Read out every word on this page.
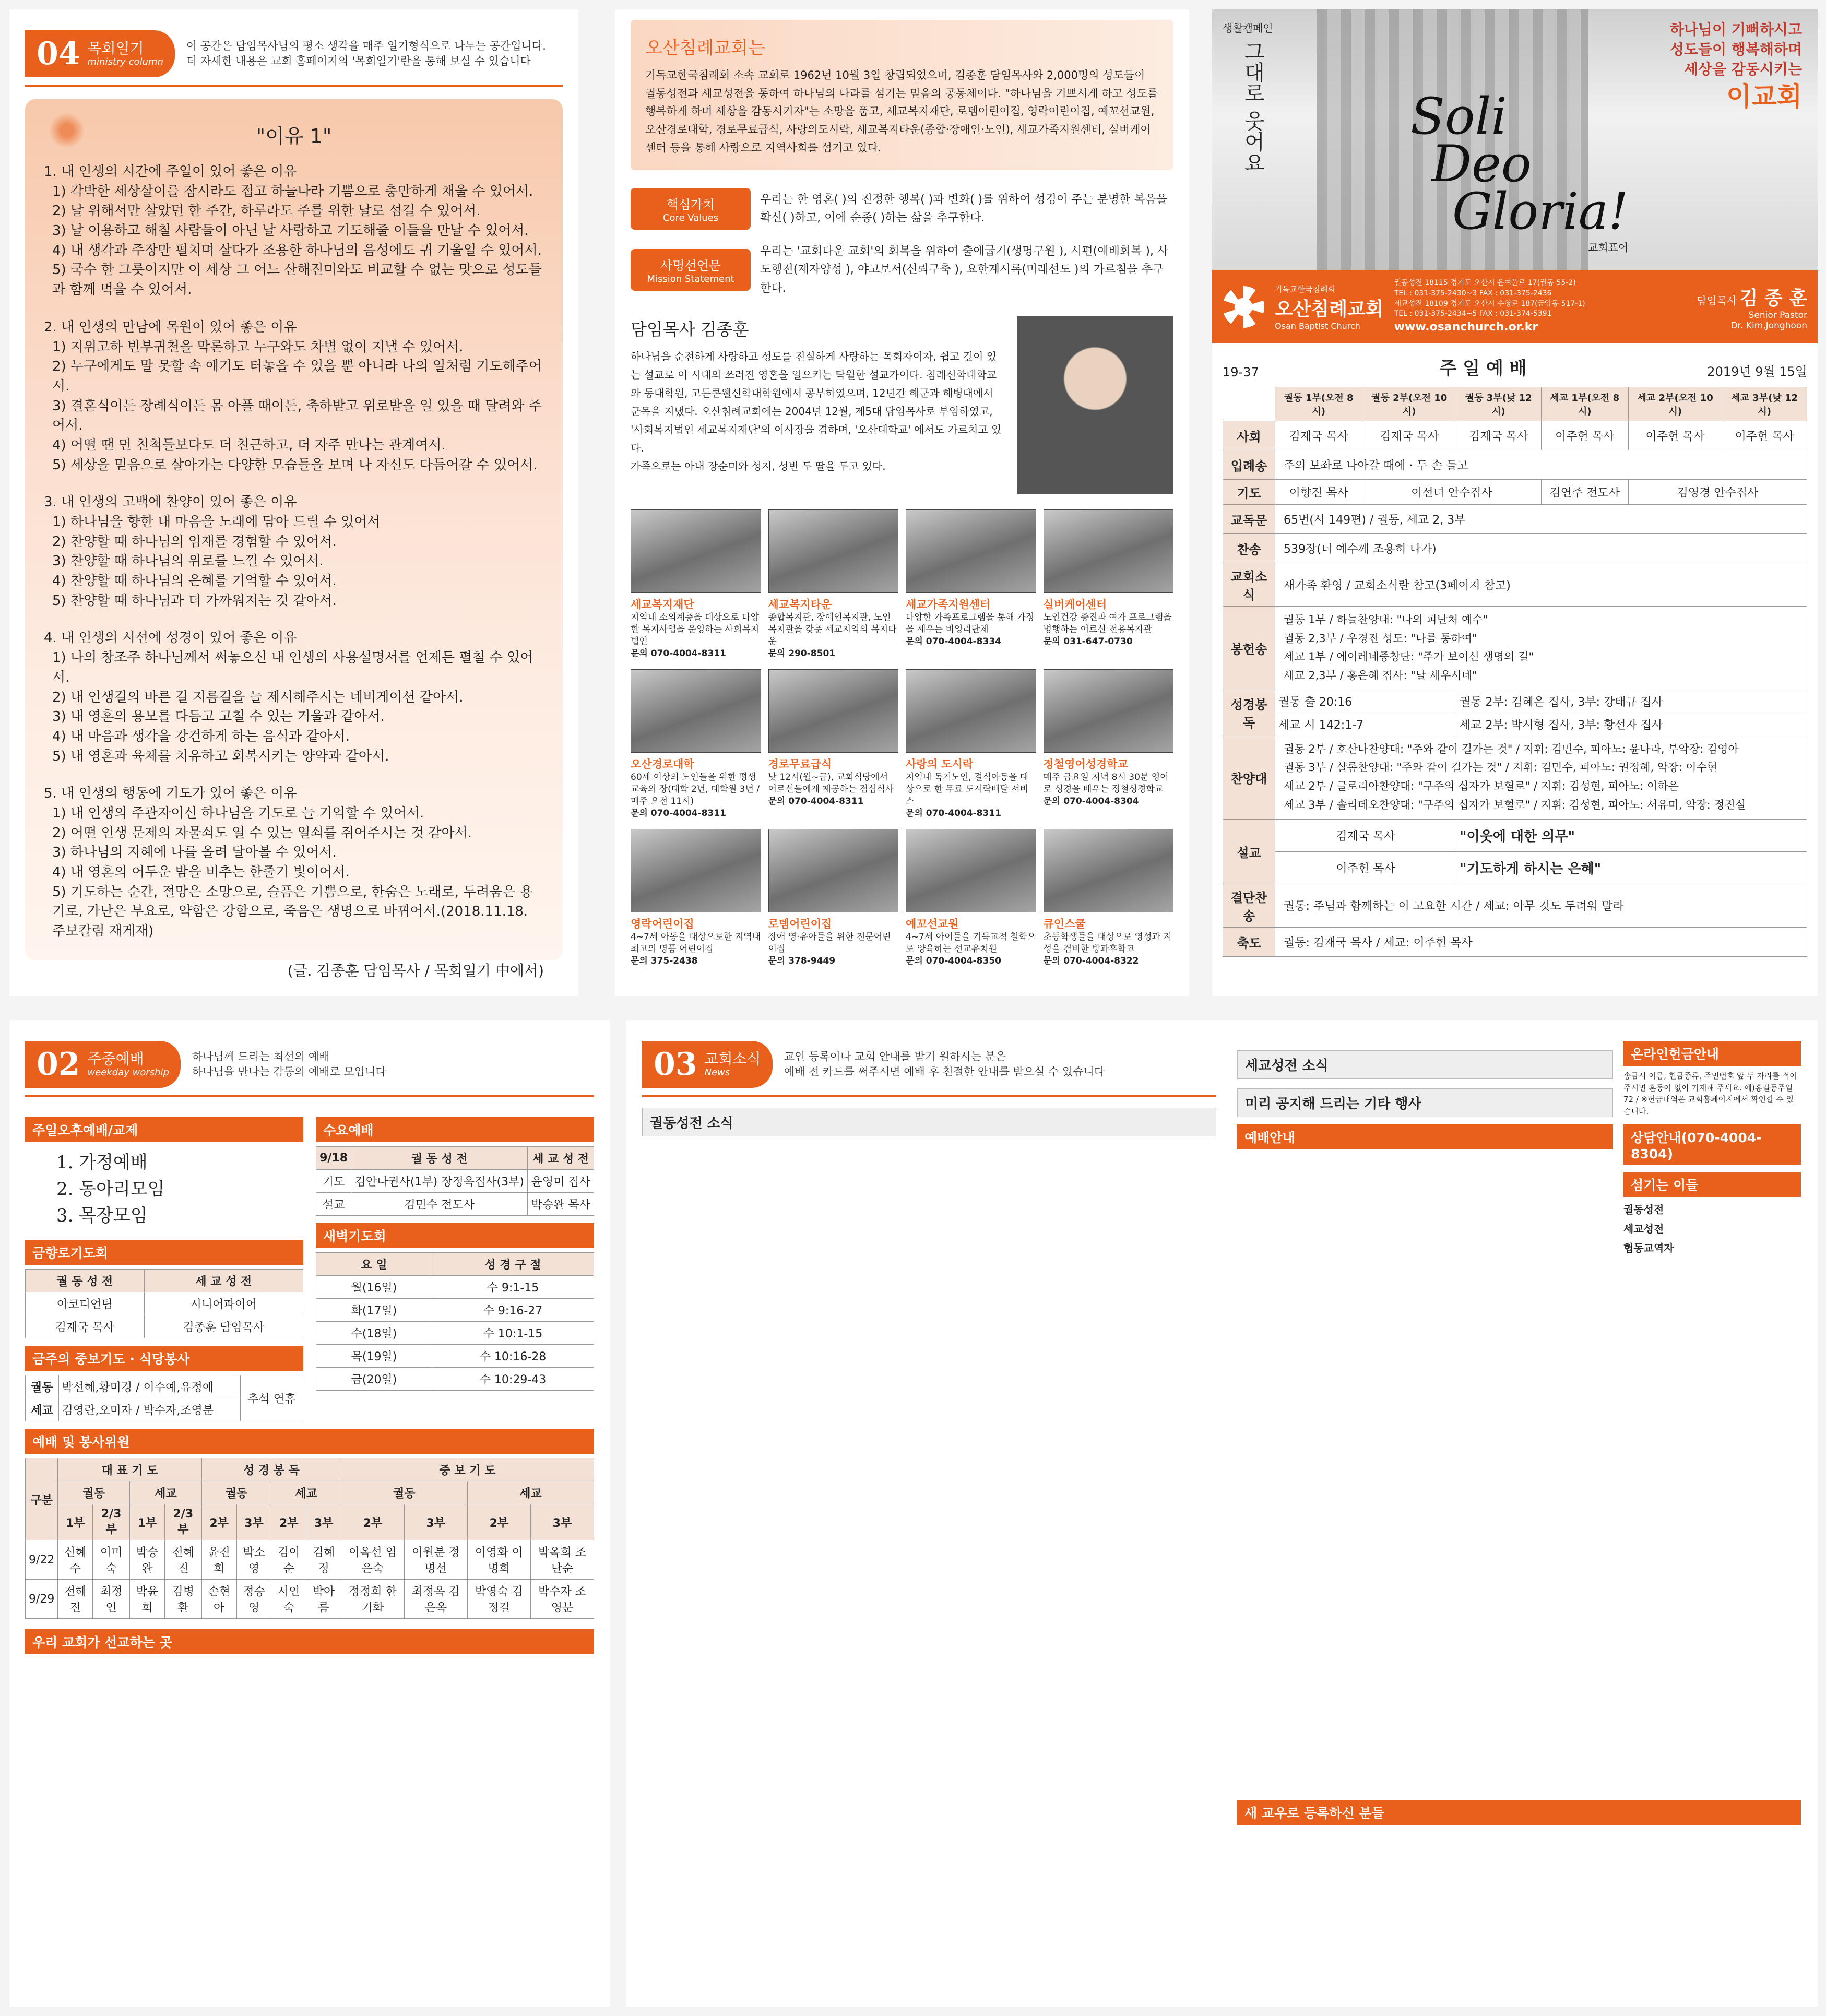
04 목회일기
ministry column
이 공간은 담임목사님의 평소 생각을 매주 일기형식으로 나누는 공간입니다.
더 자세한 내용은 교회 홈페이지의 '목회일기'란을 통해 보실 수 있습니다
"이유 1"
1. 내 인생의 시간에 주일이 있어 좋은 이유
1) 각박한 세상살이를 잠시라도 접고 하늘나라 기쁨으로 충만하게 채울 수 있어서.
2) 날 위해서만 살았던 한 주간, 하루라도 주를 위한 날로 섬길 수 있어서.
3) 날 이용하고 해칠 사람들이 아닌 날 사랑하고 기도해줄 이들을 만날 수 있어서.
4) 내 생각과 주장만 펼치며 살다가 조용한 하나님의 음성에도 귀 기울일 수 있어서.
5) 국수 한 그릇이지만 이 세상 그 어느 산해진미와도 비교할 수 없는 맛으로 성도들과 함께 먹을 수 있어서.
2. 내 인생의 만남에 목원이 있어 좋은 이유
1) 지위고하 빈부귀천을 막론하고 누구와도 차별 없이 지낼 수 있어서.
2) 누구에게도 말 못할 속 얘기도 터놓을 수 있을 뿐 아니라 나의 일처럼 기도해주어서.
3) 결혼식이든 장례식이든 몸 아플 때이든, 축하받고 위로받을 일 있을 때 달려와 주어서.
4) 어떨 땐 먼 친척들보다도 더 친근하고, 더 자주 만나는 관계여서.
5) 세상을 믿음으로 살아가는 다양한 모습들을 보며 나 자신도 다듬어갈 수 있어서.
3. 내 인생의 고백에 찬양이 있어 좋은 이유
1) 하나님을 향한 내 마음을 노래에 담아 드릴 수 있어서
2) 찬양할 때 하나님의 임재를 경험할 수 있어서.
3) 찬양할 때 하나님의 위로를 느낄 수 있어서.
4) 찬양할 때 하나님의 은혜를 기억할 수 있어서.
5) 찬양할 때 하나님과 더 가까워지는 것 같아서.
4. 내 인생의 시선에 성경이 있어 좋은 이유
1) 나의 창조주 하나님께서 써놓으신 내 인생의 사용설명서를 언제든 펼칠 수 있어서.
2) 내 인생길의 바른 길 지름길을 늘 제시해주시는 네비게이션 같아서.
3) 내 영혼의 용모를 다듬고 고칠 수 있는 거울과 같아서.
4) 내 마음과 생각을 강건하게 하는 음식과 같아서.
5) 내 영혼과 육체를 치유하고 회복시키는 양약과 같아서.
5. 내 인생의 행동에 기도가 있어 좋은 이유
1) 내 인생의 주관자이신 하나님을 기도로 늘 기억할 수 있어서.
2) 어떤 인생 문제의 자물쇠도 열 수 있는 열쇠를 쥐어주시는 것 같아서.
3) 하나님의 지혜에 나를 올려 달아볼 수 있어서.
4) 내 영혼의 어두운 밤을 비추는 한줄기 빛이어서.
5) 기도하는 순간, 절망은 소망으로, 슬픔은 기쁨으로, 한숨은 노래로, 두려움은 용기로, 가난은 부요로, 약함은 강함으로, 죽음은 생명으로 바뀌어서.(2018.11.18. 주보칼럼 재게재)
(글. 김종훈 담임목사 / 목회일기 中에서)
오산침례교회는

기독교한국침례회 소속 교회로 1962년 10월 3일 창립되었으며, 김종훈 담임목사와 2,000명의 성도들이 궐동성전과 세교성전을 통하여 하나님의 나라를 섬기는 믿음의 공동체이다. "하나님을 기쁘시게 하고 성도를 행복하게 하며 세상을 감동시키자"는 소망을 품고, 세교복지재단, 로뎀어린이집, 영락어린이집, 예꼬선교원, 오산경로대학, 경로무료급식, 사랑의도시락, 세교복지타운(종합·장애인·노인), 세교가족지원센터, 실버케어센터 등을 통해 사랑으로 지역사회를 섬기고 있다.

핵심가치
Core Values

우리는 한 영혼( )의 진정한 행복( )과 변화( )를 위하여 성경이 주는 분명한 복음을 확신( )하고, 이에 순종( )하는 삶을 추구한다.

사명선언문
Mission Statement

우리는 '교회다운 교회'의 회복을 위하여 출애굽기(생명구원 ), 시편(예배회복 ), 사도행전(제자양성 ), 야고보서(신뢰구축 ), 요한계시록(미래선도 )의 가르침을 추구한다.

담임목사 김종훈

하나님을 순전하게 사랑하고 성도를 진실하게 사랑하는 목회자이자, 쉽고 깊이 있는 설교로 이 시대의 쓰러진 영혼을 일으키는 탁월한 설교가이다. 침례신학대학교와 동대학원, 고든콘웰신학대학원에서 공부하였으며, 12년간 해군과 해병대에서 군목을 지냈다. 오산침례교회에는 2004년 12월, 제5대 담임목사로 부임하였고, '사회복지법인 세교복지재단'의 이사장을 겸하며, '오산대학교' 에서도 가르치고 있다.

가족으로는 아내 장순미와 성지, 성빈 두 딸을 두고 있다.

세교복지재단
지역내 소외계층을 대상으로 다양한 복지사업을 운영하는 사회복지법인
문의 070-4004-8311
세교복지타운
종합복지관, 장애인복지관, 노인복지관을 갖춘 세교지역의 복지타운
문의 290-8501
세교가족지원센터
다양한 가족프로그램을 통해 가정을 세우는 비영리단체
문의 070-4004-8334
실버케어센터
노인건강 증진과 여가 프로그램을 병행하는 어르신 전용복지관
문의 031-647-0730
오산경로대학
60세 이상의 노인들을 위한 평생교육의 장(대학 2년, 대학원 3년 / 매주 오전 11시)
문의 070-4004-8311
경로무료급식
낮 12시(월~금), 교회식당에서 어르신들에게 제공하는 점심식사
문의 070-4004-8311
사랑의 도시락
지역내 독거노인, 결식아동을 대상으로 한 무료 도시락배달 서비스
문의 070-4004-8311
정철영어성경학교
매주 금요일 저녁 8시 30분 영어로 성경을 배우는 정철성경학교
문의 070-4004-8304
영락어린이집
4~7세 아동을 대상으로한 지역내 최고의 명품 어린이집
문의 375-2438
로뎀어린이집
장애 영·유아들을 위한 전문어린이집
문의 378-9449
예꼬선교원
4~7세 아이들을 기독교적 철학으로 양육하는 선교유치원
문의 070-4004-8350
큐인스쿨
초등학생들을 대상으로 영성과 지성을 겸비한 방과후학교
문의 070-4004-8322
생활캠페인
그대로 웃어요	Soli
Deo
Gloria!
교회표어
하나님이 기뻐하시고
성도들이 행복해하며
세상을 감동시키는
이교회
기독교한국침례회
오산침례교회
Osan Baptist Church
궐동성전 18115 경기도 오산시 은여울로 17(궐동 55-2)
TEL : 031-375-2430~3 FAX : 031-375-2436
세교성전 18109 경기도 오산시 수청로 187(금암동 517-1)
TEL : 031-375-2434~5 FAX : 031-374-5391
www.osanchurch.or.kr
담임목사 김 종 훈
Senior Pastor
Dr. Kim,Jonghoon
19-37	주 일 예 배	2019년 9월 15일
	궐동 1부(오전 8시)	궐동 2부(오전 10시)	궐동 3부(낮 12시)	세교 1부(오전 8시)	세교 2부(오전 10시)	세교 3부(낮 12시)
사회	김재국 목사	김재국 목사	김재국 목사	이주헌 목사	이주헌 목사	이주헌 목사
입례송	주의 보좌로 나아갈 때에 · 두 손 들고					
기도	이향진 목사	이선녀 안수집사		김연주 전도사	김영경 안수집사	
교독문	65번(시 149편) / 궐동, 세교 2, 3부					
찬송	539장(너 예수께 조용히 나가)					
교회소식	새가족 환영 / 교회소식란 참고(3페이지 참고)					
봉헌송	궐동 1부 / 하늘찬양대: "나의 피난처 예수"
궐동 2,3부 / 우경진 성도: "나를 통하여"
세교 1부 / 에이레네중창단: "주가 보이신 생명의 길"
세교 2,3부 / 홍은혜 집사: "날 세우시네"					

성경봉독	궐동 출 20:16		궐동 2부: 김혜은 집사, 3부: 강태규 집사			
	세교 시 142:1-7		세교 2부: 박시형 집사, 3부: 황선자 집사			
찬양대	궐동 2부 / 호산나찬양대: "주와 같이 길가는 것" / 지휘: 김민수, 피아노: 윤나라, 부악장: 김영아
궐동 3부 / 샬롬찬양대: "주와 같이 길가는 것" / 지휘: 김민수, 피아노: 권정혜, 악장: 이수현
세교 2부 / 글로리아찬양대: "구주의 십자가 보혈로" / 지휘: 김성현, 피아노: 이하은
세교 3부 / 솔리데오찬양대: "구주의 십자가 보혈로" / 지휘: 김성현, 피아노: 서유미, 악장: 정진실					

설교	김재국 목사		"이웃에 대한 의무"			
	이주헌 목사		"기도하게 하시는 은혜"			
결단찬송	궐동: 주님과 함께하는 이 고요한 시간 / 세교: 아무 것도 두려워 말라					
축도	궐동: 김재국 목사 / 세교: 이주헌 목사					
02 주중예배
weekday worship
하나님께 드리는 최선의 예배
하나님을 만나는 감동의 예배로 모입니다
주일오후예배/교제
1. 가정예배
2. 동아리모임
3. 목장모임
금향로기도회
궐 동 성 전	세 교 성 전
아코디언팀	시니어파이어
김재국 목사	김종훈 담임목사
금주의 중보기도 · 식당봉사
궐동	박선혜,황미경 / 이수예,유정애	추석 연휴
세교	김영란,오미자 / 박수자,조영분	
수요예배
9/18	궐 동 성 전	세 교 성 전
기도	김안나권사(1부) 장정옥집사(3부)	윤영미 집사
설교	김민수 전도사	박승완 목사
새벽기도회
요 일	성 경 구 절
월(16일)	수 9:1-15
화(17일)	수 9:16-27
수(18일)	수 10:1-15
목(19일)	수 10:16-28
금(20일)	수 10:29-43
예배 및 봉사위원
구분	대 표 기 도				성 경 봉 독				중 보 기 도			
	궐동		세교		궐동		세교		궐동		세교	
	1부	2/3부	1부	2/3부	2부	3부	2부	3부	2부	3부	2부	3부
9/22	신혜수	이미숙	박승완	전혜진	윤진희	박소영	김이순	김혜정	이옥선 임은숙	이원분 정명선	이영화 이명희	박옥희 조난순
9/29	전혜진	최정인	박윤희	김병환	손현아	정승영	서인숙	박아름	정정희 한기화	최정옥 김은옥	박영숙 김정길	박수자 조영분
우리 교회가 선교하는 곳
03 교회소식
News
교인 등록이나 교회 안내를 받기 원하시는 분은
예배 전 카드를 써주시면 예배 후 친절한 안내를 받으실 수 있습니다
궐동성전 소식
세교성전 소식
미리 공지해 드리는 기타 행사
예배안내
온라인헌금안내

송금시 이름, 헌금종류, 주민번호 앞 두 자리를 적어주시면 혼동이 없이 기재해 주세요. 예)홍길동주일72 / ※헌금내역은 교회홈페이지에서 확인할 수 있습니다.

상담안내(070-4004-8304)
섬기는 이들
궐동성전
세교성전
협동교역자
새 교우로 등록하신 분들
